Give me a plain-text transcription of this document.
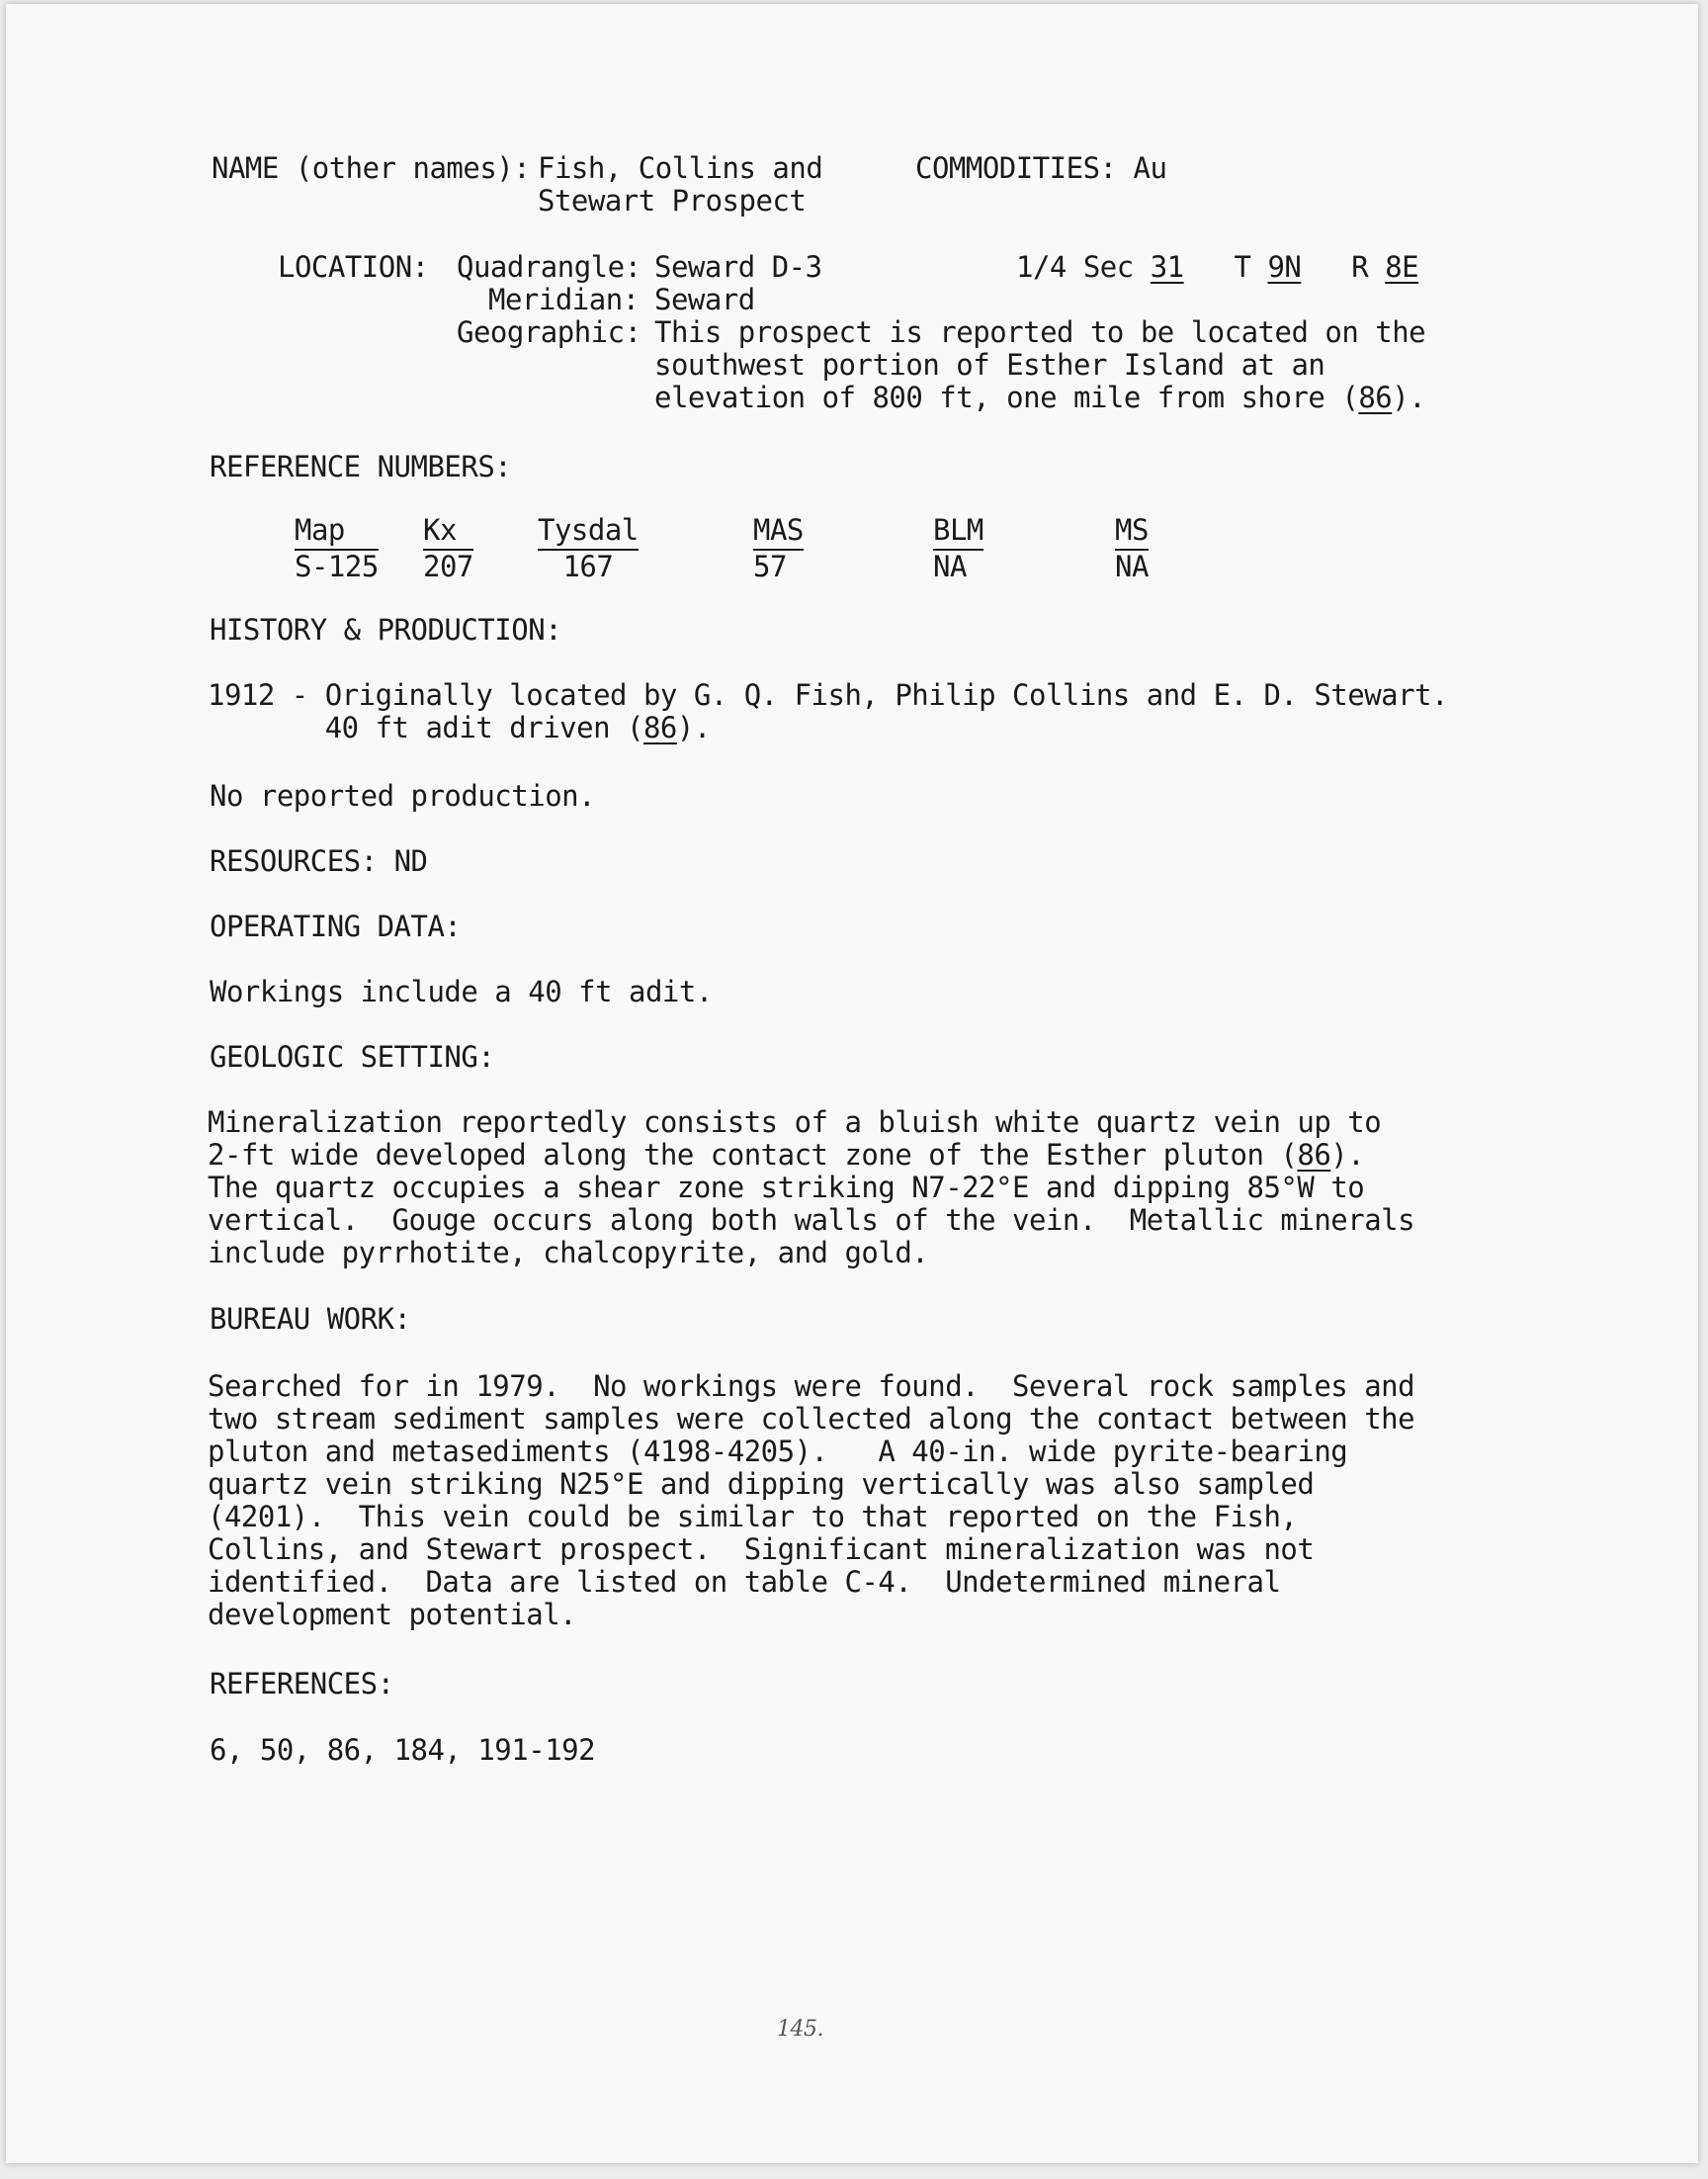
NAME (other names): Fish, Collins and
Stewart Prospect
COMMODITIES: Au
LOCATION: Quadrangle: Seward D-3	1/4 Sec 31 T 9N R 8E
Meridian: Seward
Geographic: This prospect is reported to be located on the
southwest portion of Esther Island at an
elevation of 800 ft, one mile from shore (86).
REFERENCE NUMBERS:
Map
S-125
Kx
207
Tysdal
167
MAS
57
BLM
NA
MS
NA
HISTORY & PRODUCTION:
1912 - Originally located by G. Q. Fish, Philip Collins and E. D. Stewart.
40 ft adit driven (86).
No reported production.
RESOURCES: ND
OPERATING DATA:
Workings include a 40 ft adit.
GEOLOGIC SETTING:
Mineralization reportedly consists of a bluish white quartz vein up to
2-ft wide developed along the contact zone of the Esther pluton (86).
The quartz occupies a shear zone striking N7-22°E and dipping 85°W to
vertical.  Gouge occurs along both walls of the vein.  Metallic minerals
include pyrrhotite, chalcopyrite, and gold.
BUREAU WORK:
Searched for in 1979.  No workings were found.  Several rock samples and
two stream sediment samples were collected along the contact between the
pluton and metasediments (4198-4205).   A 40-in. wide pyrite-bearing
quartz vein striking N25°E and dipping vertically was also sampled
(4201).  This vein could be similar to that reported on the Fish,
Collins, and Stewart prospect.  Significant mineralization was not
identified.  Data are listed on table C-4.  Undetermined mineral
development potential.
REFERENCES:
6, 50, 86, 184, 191-192
145.
